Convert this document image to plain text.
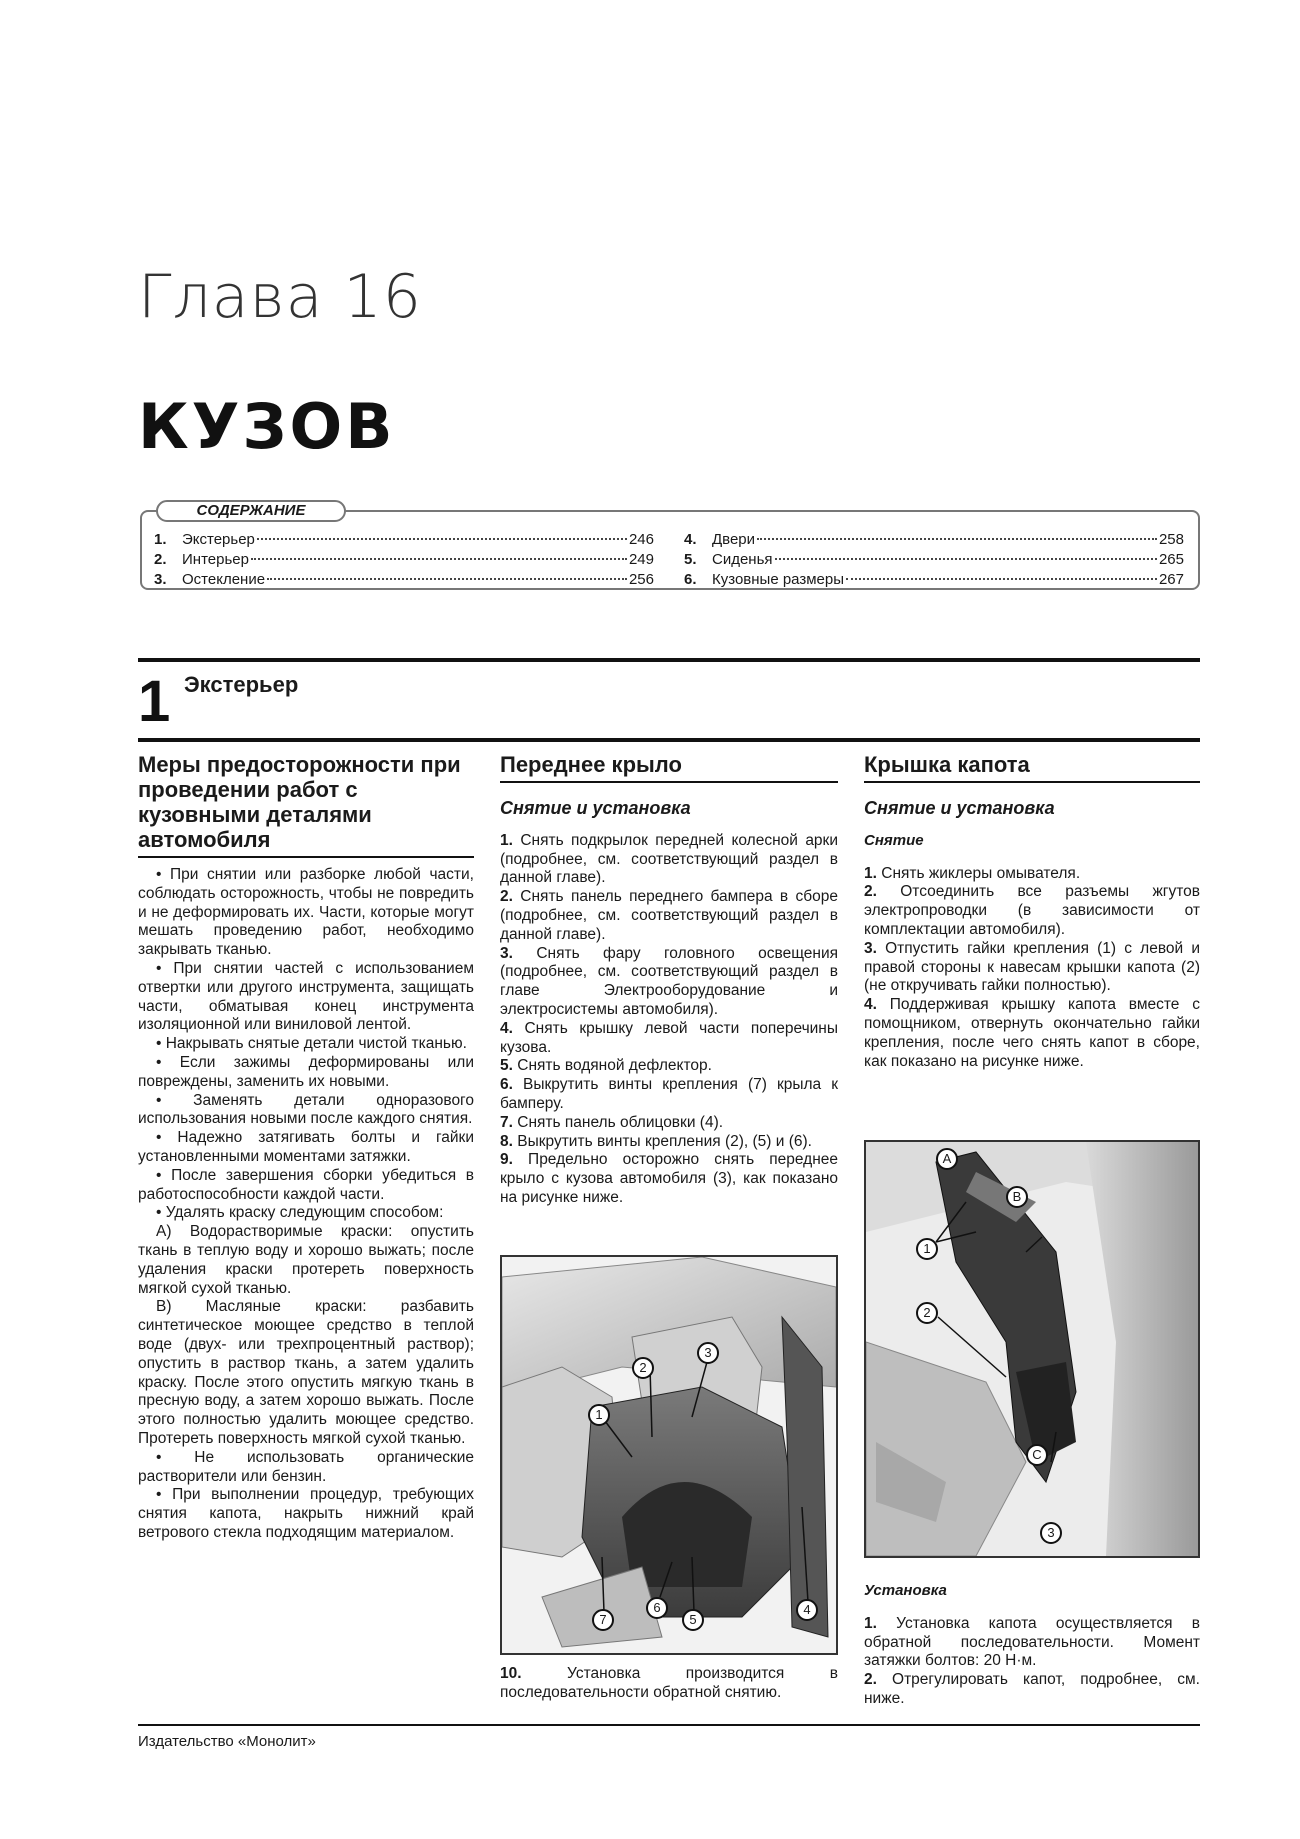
Глава 16
КУЗОВ
СОДЕРЖАНИЕ
1.	Экстерьер	246
2.	Интерьер	249
3.	Остекление	256
4.	Двери	258
5.	Сиденья	265
6.	Кузовные размеры	267
1 Экстерьер
Меры предосторожности при проведении работ с кузовными деталями автомобиля

• При снятии или разборке любой части, соблюдать осторожность, чтобы не повредить и не деформировать их. Части, которые могут мешать проведению работ, необходимо закрывать тканью.

• При снятии частей с использованием отвертки или другого инструмента, защищать части, обматывая конец инструмента изоляционной или виниловой лентой.

• Накрывать снятые детали чистой тканью.

• Если зажимы деформированы или повреждены, заменить их новыми.

• Заменять детали одноразового использования новыми после каждого снятия.

• Надежно затягивать болты и гайки установленными моментами затяжки.

• После завершения сборки убедиться в работоспособности каждой части.

• Удалять краску следующим способом:

А) Водорастворимые краски: опустить ткань в теплую воду и хорошо выжать; после удаления краски протереть поверхность мягкой сухой тканью.

В) Масляные краски: разбавить синтетическое моющее средство в теплой воде (двух- или трехпроцентный раствор); опустить в раствор ткань, а затем удалить краску. После этого опустить мягкую ткань в пресную воду, а затем хорошо выжать. После этого полностью удалить моющее средство. Протереть поверхность мягкой сухой тканью.

• Не использовать органические растворители или бензин.

• При выполнении процедур, требующих снятия капота, накрыть нижний край ветрового стекла подходящим материалом.

Переднее крыло
Снятие и установка

1. Снять подкрылок передней колесной арки (подробнее, см. соответствующий раздел в данной главе).

2. Снять панель переднего бампера в сборе (подробнее, см. соответствующий раздел в данной главе).

3. Снять фару головного освещения (подробнее, см. соответствующий раздел в главе Электрооборудование и электросистемы автомобиля).

4. Снять крышку левой части поперечины кузова.

5. Снять водяной дефлектор.

6. Выкрутить винты крепления (7) крыла к бамперу.

7. Снять панель облицовки (4).

8. Выкрутить винты крепления (2), (5) и (6).

9. Предельно осторожно снять переднее крыло с кузова автомобиля (3), как показано на рисунке ниже.

1
2
3
4
5
6
7

10.	Установка производится в последовательности обратной снятию.

Крышка капота
Снятие и установка
Снятие

1. Снять жиклеры омывателя.

2. Отсоединить все разъемы жгутов электропроводки (в зависимости от комплектации автомобиля).

3. Отпустить гайки крепления (1) с левой и правой стороны к навесам крышки капота (2) (не откручивать гайки полностью).

4. Поддерживая крышку капота вместе с помощником, отвернуть окончательно гайки крепления, после чего снять капот в сборе, как показано на рисунке ниже.

A
B
1
2
C
3
Установка

1. Установка капота осуществляется в обратной последовательности. Момент затяжки болтов: 20 Н·м.

2. Отрегулировать капот, подробнее, см. ниже.

Издательство «Монолит»
